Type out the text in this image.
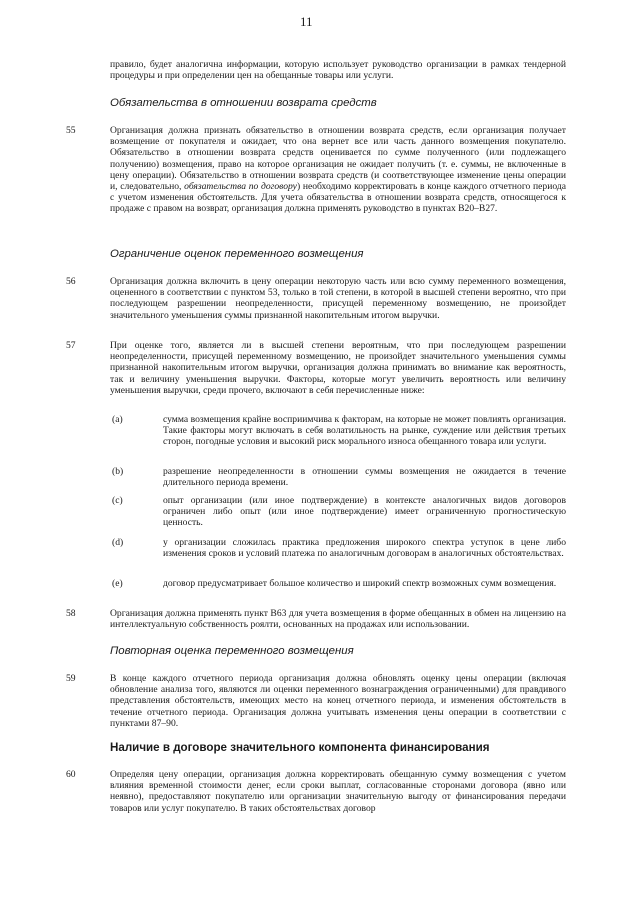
11

правило, будет аналогична информации, которую использует руководство организации в рамках тендерной процедуры и при определении цен на обещанные товары или услуги.

Обязательства в отношении возврата средств
55	Организация должна признать обязательство в отношении возврата средств, если организация получает возмещение от покупателя и ожидает, что она вернет все или часть данного возмещения покупателю. Обязательство в отношении возврата средств оценивается по сумме полученного (или подлежащего получению) возмещения, право на которое организация не ожидает получить (т. е. суммы, не включенные в цену операции). Обязательство в отношении возврата средств (и соответствующее изменение цены операции и, следовательно, обязательства по договору) необходимо корректировать в конце каждого отчетного периода с учетом изменения обстоятельств. Для учета обязательства в отношении возврата средств, относящегося к продаже с правом на возврат, организация должна применять руководство в пунктах B20–B27.

Ограничение оценок переменного возмещения
56	Организация должна включить в цену операции некоторую часть или всю сумму переменного возмещения, оцененного в соответствии с пунктом 53, только в той степени, в которой в высшей степени вероятно, что при последующем разрешении неопределенности, присущей переменному возмещению, не произойдет значительного уменьшения суммы признанной накопительным итогом выручки.

57	При оценке того, является ли в высшей степени вероятным, что при последующем разрешении неопределенности, присущей переменному возмещению, не произойдет значительного уменьшения суммы признанной накопительным итогом выручки, организация должна принимать во внимание как вероятность, так и величину уменьшения выручки. Факторы, которые могут увеличить вероятность или величину уменьшения выручки, среди прочего, включают в себя перечисленные ниже:

(a)	сумма возмещения крайне восприимчива к факторам, на которые не может повлиять организация. Такие факторы могут включать в себя волатильность на рынке, суждение или действия третьих сторон, погодные условия и высокий риск морального износа обещанного товара или услуги.

(b)	разрешение неопределенности в отношении суммы возмещения не ожидается в течение длительного периода времени.

(c)	опыт организации (или иное подтверждение) в контексте аналогичных видов договоров ограничен либо опыт (или иное подтверждение) имеет ограниченную прогностическую ценность.

(d)	у организации сложилась практика предложения широкого спектра уступок в цене либо изменения сроков и условий платежа по аналогичным договорам в аналогичных обстоятельствах.

(e)	договор предусматривает большое количество и широкий спектр возможных сумм возмещения.

58	Организация должна применять пункт B63 для учета возмещения в форме обещанных в обмен на лицензию на интеллектуальную собственность роялти, основанных на продажах или использовании.

Повторная оценка переменного возмещения
59	В конце каждого отчетного периода организация должна обновлять оценку цены операции (включая обновление анализа того, являются ли оценки переменного вознаграждения ограниченными) для правдивого представления обстоятельств, имеющих место на конец отчетного периода, и изменения обстоятельств в течение отчетного периода. Организация должна учитывать изменения цены операции в соответствии с пунктами 87–90.

Наличие в договоре значительного компонента финансирования
60	Определяя цену операции, организация должна корректировать обещанную сумму возмещения с учетом влияния временной стоимости денег, если сроки выплат, согласованные сторонами договора (явно или неявно), предоставляют покупателю или организации значительную выгоду от финансирования передачи товаров или услуг покупателю. В таких обстоятельствах договор
